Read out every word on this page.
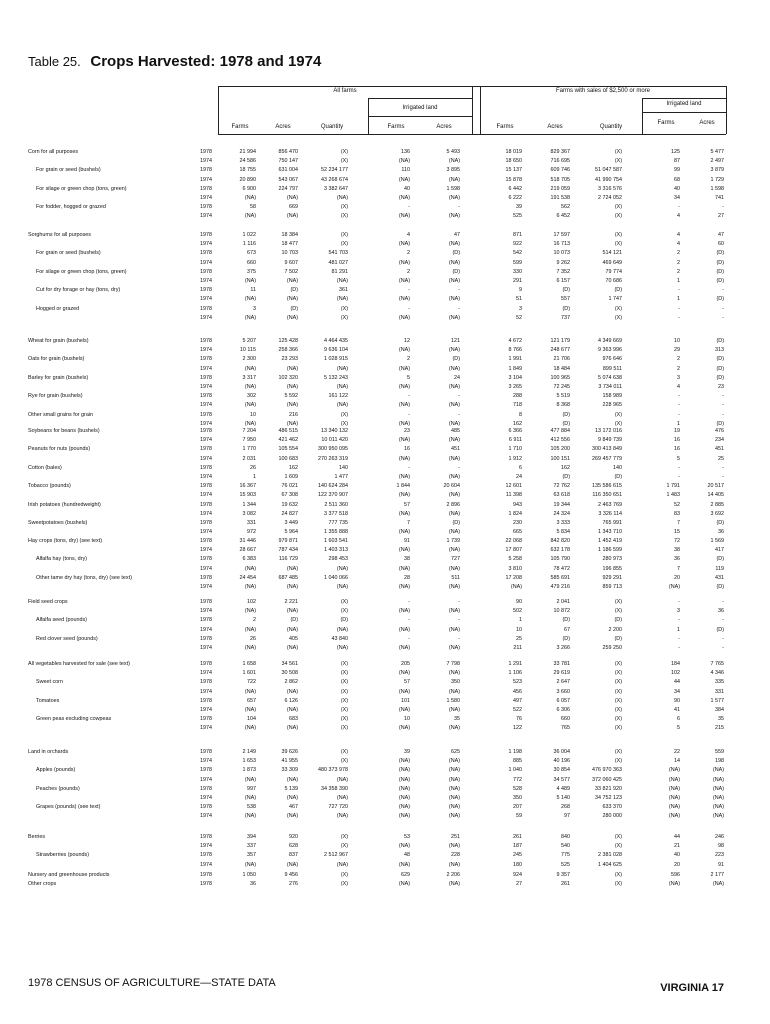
Table 25. Crops Harvested: 1978 and 1974
All farms	Farms with sales of $2,500 or more
Irrigated land
Irrigated land
Farms	Acres	Quantity	Farms	Acres	Farms	Acres	Quantity
Farms	Acres
Corn for all purposes	1978	21 994	856 470	(X)	136	5 493	18 019	829 367	(X)	125	5 477
1974	24 586	750 147	(X)	(NA)	(NA)	18 650	716 695	(X)	87	2 497
For grain or seed (bushels)	1978	18 755	631 004	52 234 177	110	3 895	15 137	609 746	51 047 587	99	3 879
1974	20 890	543 067	43 268 674	(NA)	(NA)	15 878	518 705	41 990 754	68	1 729
For silage or green chop (tons, green)	1978	6 900	224 797	3 382 647	40	1 598	6 442	219 059	3 316 576	40	1 598
1974	(NA)	(NA)	(NA)	(NA)	(NA)	6 222	191 538	2 724 052	34	741
For fodder, hogged or grazed	1978	58	669	(X)	-	-	39	562	(X)	-	-
1974	(NA)	(NA)	(X)	(NA)	(NA)	525	6 452	(X)	4	27
Sorghums for all purposes	1978	1 022	18 384	(X)	4	47	871	17 597	(X)	4	47
1974	1 116	18 477	(X)	(NA)	(NA)	922	16 713	(X)	4	60
For grain or seed (bushels)	1978	673	10 703	541 703	2	(D)	542	10 073	514 121	2	(D)
1974	660	9 607	481 027	(NA)	(NA)	599	9 262	469 649	2	(D)
For silage or green chop (tons, green)	1978	375	7 502	81 291	2	(D)	330	7 352	79 774	2	(D)
1974	(NA)	(NA)	(NA)	(NA)	(NA)	291	6 157	70 686	1	(D)
Cut for dry forage or hay (tons, dry)	1978	11	(D)	361	-	-	9	(D)	(D)	-	-
1974	(NA)	(NA)	(NA)	(NA)	(NA)	51	557	1 747	1	(D)
Hogged or grazed	1978	3	(D)	(X)	-	-	3	(D)	(X)	-	-
1974	(NA)	(NA)	(X)	(NA)	(NA)	52	737	(X)	-	-
Wheat for grain (bushels)	1978	5 207	125 428	4 464 435	12	121	4 672	121 179	4 349 669	10	(D)
1974	10 115	258 366	9 636 104	(NA)	(NA)	8 766	248 677	9 363 996	29	313
Oats for grain (bushels)	1978	2 300	23 293	1 028 915	2	(D)	1 991	21 706	976 646	2	(D)
1974	(NA)	(NA)	(NA)	(NA)	(NA)	1 849	18 484	899 511	2	(D)
Barley for grain (bushels)	1978	3 317	102 320	5 132 243	5	24	3 104	100 965	5 074 638	3	(D)
1974	(NA)	(NA)	(NA)	(NA)	(NA)	3 265	72 245	3 734 011	4	23
Rye for grain (bushels)	1978	302	5 592	161 122	-	-	288	5 519	158 989	-	-
1974	(NA)	(NA)	(NA)	(NA)	(NA)	718	8 368	228 965	-	-
Other small grains for grain	1978	10	216	(X)	-	-	8	(D)	(X)	-	-
1974	(NA)	(NA)	(X)	(NA)	(NA)	162	(D)	(X)	1	(D)
Soybeans for beans (bushels)	1978	7 204	486 515	13 340 132	23	485	6 366	477 884	13 172 016	19	476
1974	7 950	421 462	10 011 420	(NA)	(NA)	6 911	412 556	9 849 739	16	234
Peanuts for nuts (pounds)	1978	1 770	105 554	300 950 095	16	451	1 710	105 200	300 413 849	16	451
1974	2 031	100 683	270 263 319	(NA)	(NA)	1 912	100 151	269 457 779	5	25
Cotton (bales)	1978	26	162	140	-	-	6	162	140	-	-
1974	1	1 609	1 477	(NA)	(NA)	24	(D)	(D)	-	-
Tobacco (pounds)	1978	16 367	76 021	140 624 284	1 844	20 604	12 601	72 762	135 586 615	1 791	20 517
1974	15 903	67 308	122 370 907	(NA)	(NA)	11 398	63 618	116 350 651	1 483	14 405
Irish potatoes (hundredweight)	1978	1 344	19 632	2 511 360	57	2 896	943	19 344	2 463 769	52	2 885
1974	3 082	24 827	3 377 518	(NA)	(NA)	1 824	24 324	3 326 114	83	3 692
Sweetpotatoes (bushels)	1978	331	3 449	777 735	7	(D)	230	3 333	765 991	7	(D)
1974	972	5 964	1 355 888	(NA)	(NA)	665	5 834	1 343 710	15	36
Hay crops (tons, dry) (see text)	1978	31 446	979 871	1 603 541	91	1 739	22 068	842 820	1 452 419	72	1 569
1974	28 667	787 434	1 403 313	(NA)	(NA)	17 807	632 178	1 186 599	38	417
Alfalfa hay (tons, dry)	1978	6 383	116 729	298 453	38	727	5 258	105 790	280 973	36	(D)
1974	(NA)	(NA)	(NA)	(NA)	(NA)	3 810	78 472	196 855	7	119
Other tame dry hay (tons, dry) (see text)	1978	24 454	687 485	1 040 066	28	511	17 208	585 691	929 291	20	431
1974	(NA)	(NA)	(NA)	(NA)	(NA)	(NA)	479 216	859 713	(NA)	(D)
Field seed crops	1978	102	2 221	(X)	-	-	90	2 041	(X)	-	-
1974	(NA)	(NA)	(X)	(NA)	(NA)	502	10 872	(X)	3	36
Alfalfa seed (pounds)	1978	2	(D)	(D)	-	-	1	(D)	(D)	-	-
1974	(NA)	(NA)	(NA)	(NA)	(NA)	10	67	2 200	1	(D)
Red clover seed (pounds)	1978	26	405	43 840	-	-	25	(D)	(D)	-	-
1974	(NA)	(NA)	(NA)	(NA)	(NA)	211	3 266	259 250	-	-
All vegetables harvested for sale (see text)	1978	1 658	34 561	(X)	205	7 798	1 291	33 781	(X)	184	7 765
1974	1 601	30 508	(X)	(NA)	(NA)	1 106	29 619	(X)	102	4 346
Sweet corn	1978	722	2 862	(X)	57	350	523	2 647	(X)	44	335
1974	(NA)	(NA)	(X)	(NA)	(NA)	456	3 660	(X)	34	331
Tomatoes	1978	657	6 126	(X)	101	1 580	497	6 057	(X)	90	1 577
1974	(NA)	(NA)	(X)	(NA)	(NA)	522	6 306	(X)	41	384
Green peas excluding cowpeas	1978	104	683	(X)	10	35	76	660	(X)	6	35
1974	(NA)	(NA)	(X)	(NA)	(NA)	122	765	(X)	5	215
Land in orchards	1978	2 149	39 626	(X)	39	625	1 198	36 004	(X)	22	559
1974	1 653	41 955	(X)	(NA)	(NA)	885	40 196	(X)	14	198
Apples (pounds)	1978	1 873	33 309	480 373 978	(NA)	(NA)	1 040	30 854	476 970 363	(NA)	(NA)
1974	(NA)	(NA)	(NA)	(NA)	(NA)	772	34 577	372 060 425	(NA)	(NA)
Peaches (pounds)	1978	997	5 139	34 358 390	(NA)	(NA)	528	4 489	33 821 920	(NA)	(NA)
1974	(NA)	(NA)	(NA)	(NA)	(NA)	350	5 140	34 752 123	(NA)	(NA)
Grapes (pounds) (see text)	1978	538	467	727 720	(NA)	(NA)	207	268	633 370	(NA)	(NA)
1974	(NA)	(NA)	(NA)	(NA)	(NA)	59	97	280 000	(NA)	(NA)
Berries	1978	394	920	(X)	53	251	261	840	(X)	44	246
1974	337	628	(X)	(NA)	(NA)	187	540	(X)	21	98
Strawberries (pounds)	1978	357	837	2 512 967	48	228	245	775	2 381 028	40	223
1974	(NA)	(NA)	(NA)	(NA)	(NA)	180	525	1 404 625	20	91
Nursery and greenhouse products	1978	1 050	9 456	(X)	629	2 206	924	9 357	(X)	596	2 177
Other crops	1978	36	276	(X)	(NA)	(NA)	27	261	(X)	(NA)	(NA)
1978 CENSUS OF AGRICULTURE—STATE DATA	VIRGINIA 17
